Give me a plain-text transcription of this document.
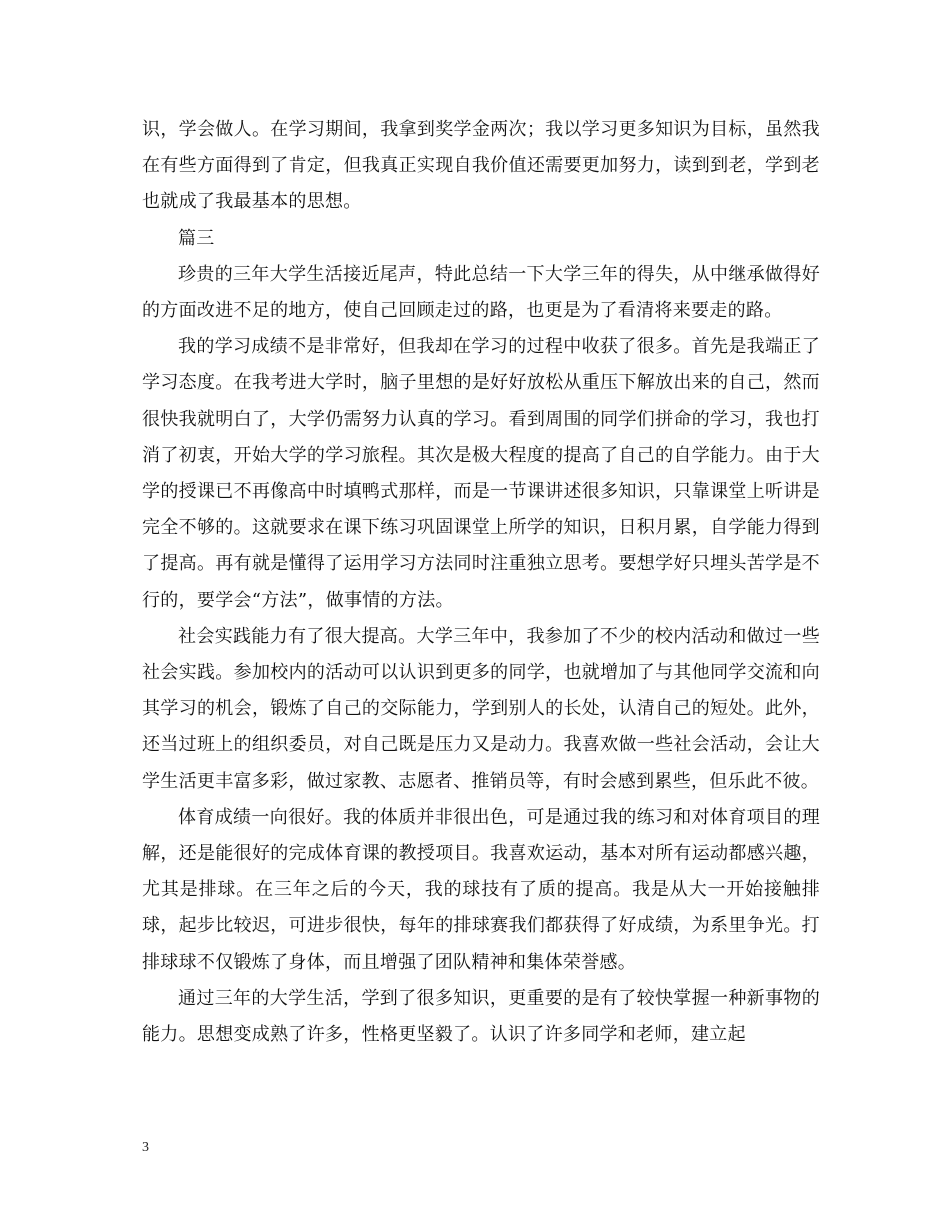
识，学会做人。在学习期间，我拿到奖学金两次；我以学习更多知识为目标，虽然我在有些方面得到了肯定，但我真正实现自我价值还需要更加努力，读到到老，学到老也就成了我最基本的思想。

篇三

珍贵的三年大学生活接近尾声，特此总结一下大学三年的得失，从中继承做得好的方面改进不足的地方，使自己回顾走过的路，也更是为了看清将来要走的路。

我的学习成绩不是非常好，但我却在学习的过程中收获了很多。首先是我端正了学习态度。在我考进大学时，脑子里想的是好好放松从重压下解放出来的自己，然而很快我就明白了，大学仍需努力认真的学习。看到周围的同学们拼命的学习，我也打消了初衷，开始大学的学习旅程。其次是极大程度的提高了自己的自学能力。由于大学的授课已不再像高中时填鸭式那样，而是一节课讲述很多知识，只靠课堂上听讲是完全不够的。这就要求在课下练习巩固课堂上所学的知识，日积月累，自学能力得到了提高。再有就是懂得了运用学习方法同时注重独立思考。要想学好只埋头苦学是不行的，要学会“方法”，做事情的方法。

社会实践能力有了很大提高。大学三年中，我参加了不少的校内活动和做过一些社会实践。参加校内的活动可以认识到更多的同学，也就增加了与其他同学交流和向其学习的机会，锻炼了自己的交际能力，学到别人的长处，认清自己的短处。此外，还当过班上的组织委员，对自己既是压力又是动力。我喜欢做一些社会活动，会让大学生活更丰富多彩，做过家教、志愿者、推销员等，有时会感到累些，但乐此不彼。

体育成绩一向很好。我的体质并非很出色，可是通过我的练习和对体育项目的理解，还是能很好的完成体育课的教授项目。我喜欢运动，基本对所有运动都感兴趣，尤其是排球。在三年之后的今天，我的球技有了质的提高。我是从大一开始接触排球，起步比较迟，可进步很快，每年的排球赛我们都获得了好成绩，为系里争光。打排球球不仅锻炼了身体，而且增强了团队精神和集体荣誉感。

通过三年的大学生活，学到了很多知识，更重要的是有了较快掌握一种新事物的能力。思想变成熟了许多，性格更坚毅了。认识了许多同学和老师，建立起

3
